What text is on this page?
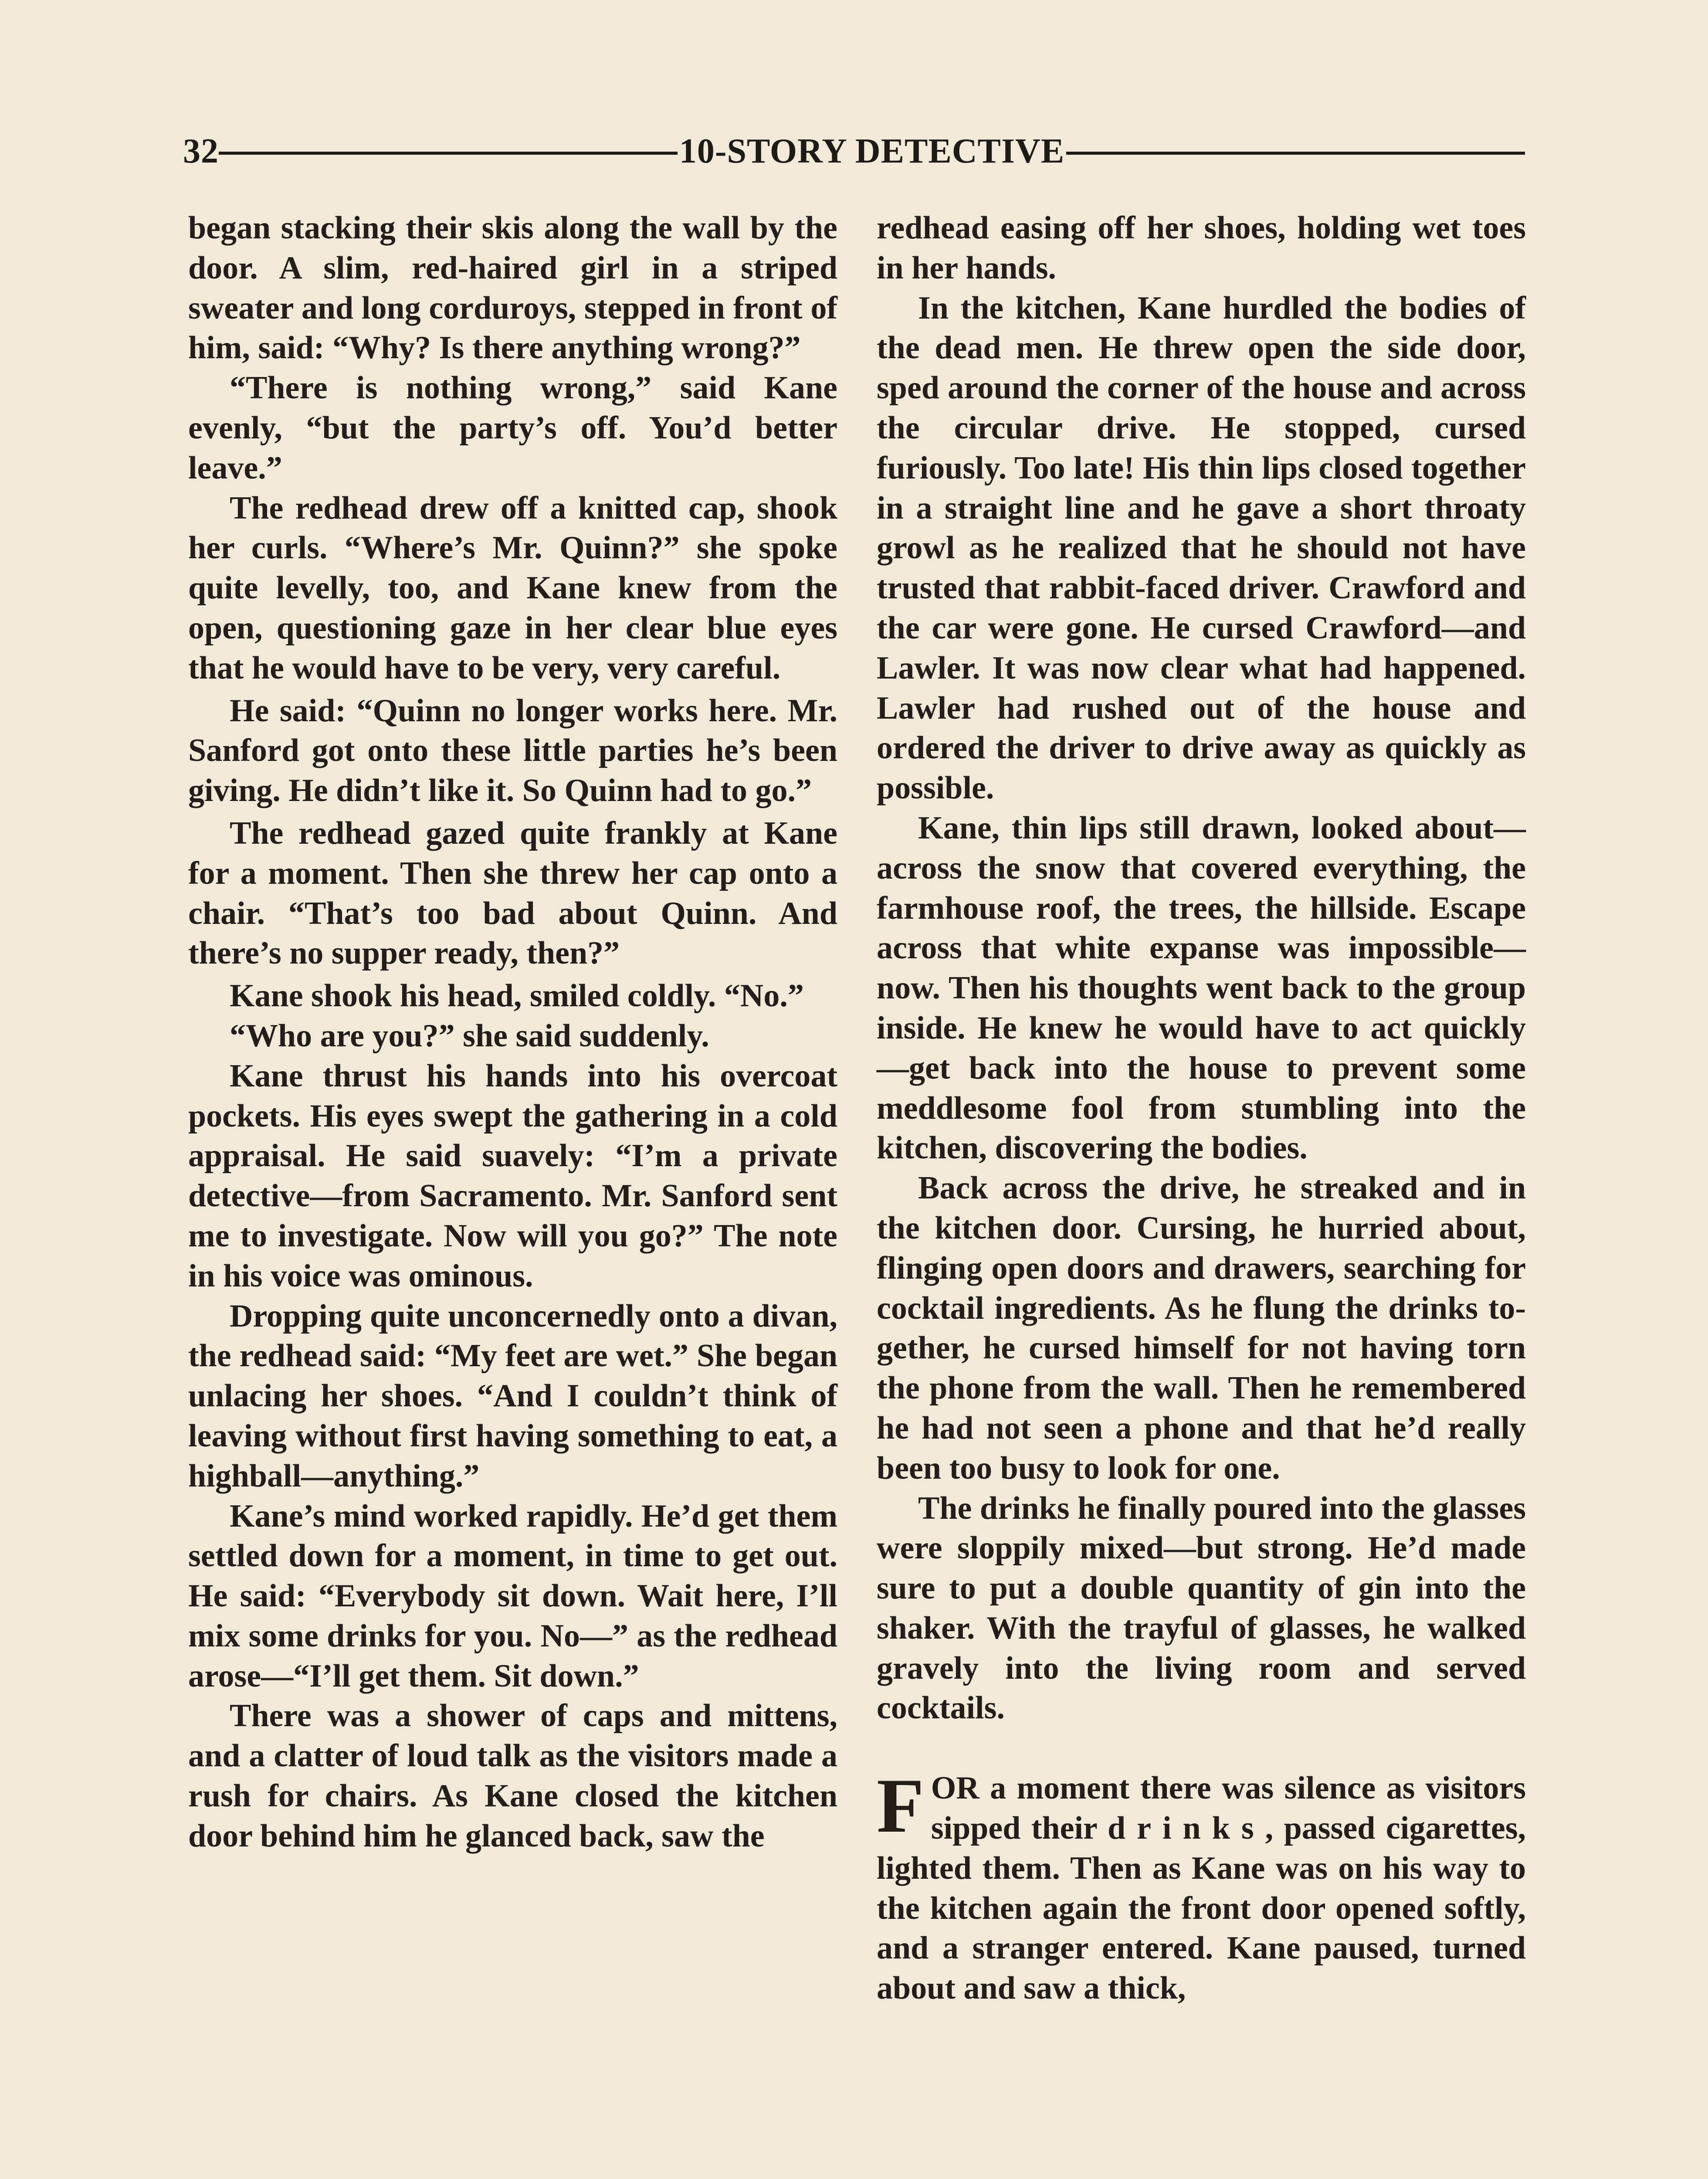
32	10-STORY DETECTIVE

began stacking their skis along the wall by the door. A slim, red-haired girl in a striped sweater and long corduroys, stepped in front of him, said: “Why? Is there anything wrong?”

“There is nothing wrong,” said Kane evenly, “but the party’s off. You’d better leave.”

The redhead drew off a knitted cap, shook her curls. “Where’s Mr. Quinn?” she spoke quite levelly, too, and Kane knew from the open, questioning gaze in her clear blue eyes that he would have to be very, very careful.

He said: “Quinn no longer works here. Mr. Sanford got onto these little parties he’s been giving. He didn’t like it. So Quinn had to go.”

The redhead gazed quite frankly at Kane for a moment. Then she threw her cap onto a chair. “That’s too bad about Quinn. And there’s no supper ready, then?”

Kane shook his head, smiled coldly. “No.”

“Who are you?” she said suddenly.

Kane thrust his hands into his overcoat pockets. His eyes swept the gathering in a cold appraisal. He said suavely: “I’m a private detective—from Sacramento. Mr. Sanford sent me to investigate. Now will you go?” The note in his voice was ominous.

Dropping quite unconcernedly onto a divan, the redhead said: “My feet are wet.” She began unlacing her shoes. “And I couldn’t think of leaving without first having something to eat, a highball—anything.”

Kane’s mind worked rapidly. He’d get them settled down for a moment, in time to get out. He said: “Everybody sit down. Wait here, I’ll mix some drinks for you. No—” as the redhead arose—“I’ll get them. Sit down.”

There was a shower of caps and mittens, and a clatter of loud talk as the visitors made a rush for chairs. As Kane closed the kitchen door behind him he glanced back, saw the

redhead easing off her shoes, holding wet toes in her hands.

In the kitchen, Kane hurdled the bodies of the dead men. He threw open the side door, sped around the corner of the house and across the circular drive. He stopped, cursed furiously. Too late! His thin lips closed together in a straight line and he gave a short throaty growl as he realized that he should not have trusted that rabbit-faced driver. Crawford and the car were gone. He cursed Crawford—and Lawler. It was now clear what had happened. Lawler had rushed out of the house and ordered the driver to drive away as quickly as possible.

Kane, thin lips still drawn, looked about—across the snow that covered everything, the farmhouse roof, the trees, the hillside. Escape across that white expanse was impossible—now. Then his thoughts went back to the group inside. He knew he would have to act quickly—get back into the house to prevent some meddlesome fool from stumbling into the kitchen, discovering the bodies.

Back across the drive, he streaked and in the kitchen door. Cursing, he hurried about, flinging open doors and drawers, searching for cocktail ingredients. As he flung the drinks together, he cursed himself for not having torn the phone from the wall. Then he remembered he had not seen a phone and that he’d really been too busy to look for one.

The drinks he finally poured into the glasses were sloppily mixed—but strong. He’d made sure to put a double quantity of gin into the shaker. With the trayful of glasses, he walked gravely into the living room and served cocktails.

FOR a moment there was silence as visitors sipped their drinks, passed cigarettes, lighted them. Then as Kane was on his way to the kitchen again the front door opened softly, and a stranger entered. Kane paused, turned about and saw a thick,
